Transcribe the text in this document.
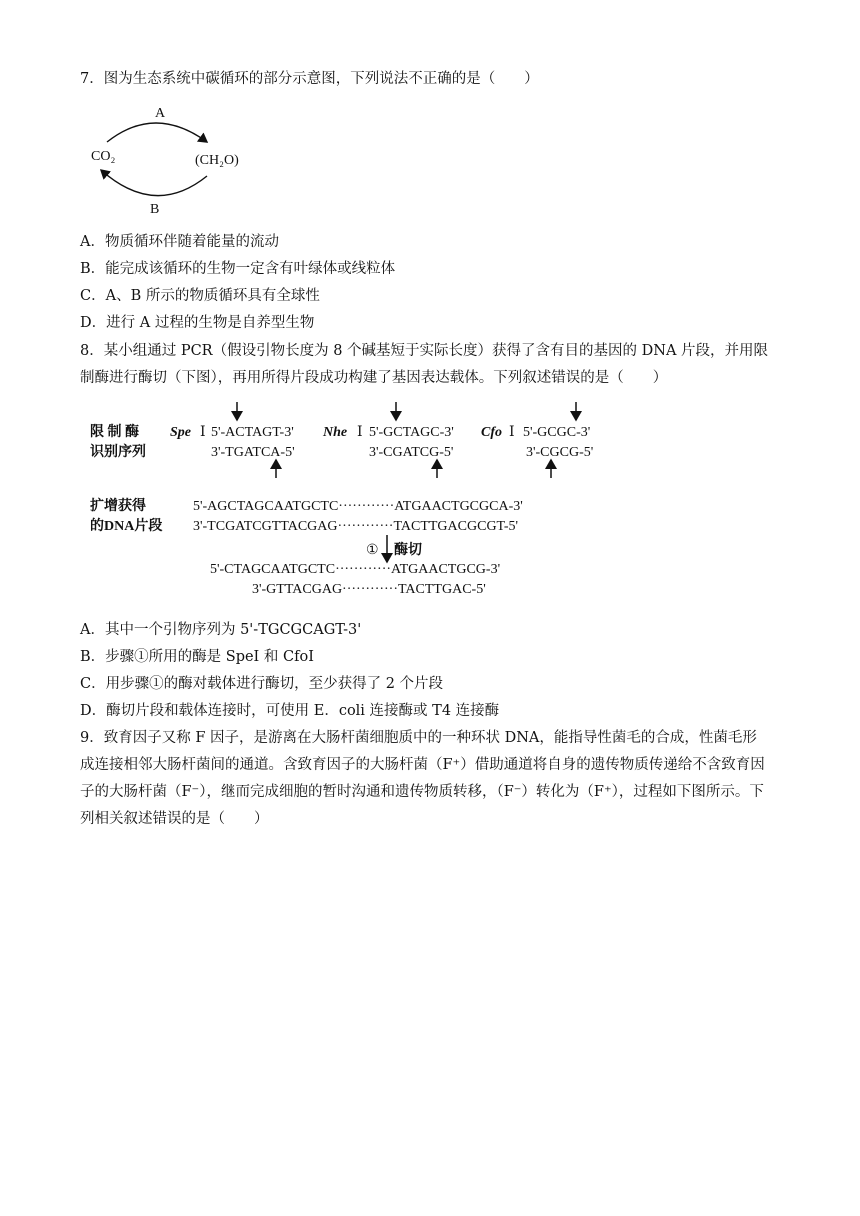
7．图为生态系统中碳循环的部分示意图，下列说法不正确的是（　　）
A
CO₂	(CH₂O)
B
A．物质循环伴随着能量的流动
B．能完成该循环的生物一定含有叶绿体或线粒体
C．A、B 所示的物质循环具有全球性
D．进行 A 过程的生物是自养型生物
8．某小组通过 PCR（假设引物长度为 8 个碱基短于实际长度）获得了含有目的基因的 DNA 片段，并用限
制酶进行酶切（下图），再用所得片段成功构建了基因表达载体。下列叙述错误的是（　　）
限 制 酶
识别序列
Spe Ⅰ 5'-ACTAGT-3'
3'-TGATCA-5'
Nhe Ⅰ 5'-GCTAGC-3'
3'-CGATCG-5'
Cfo Ⅰ 5'-GCGC-3'
3'-CGCG-5'
扩增获得
的DNA片段
5'-AGCTAGCAATGCTC············ATGAACTGCGCA-3'
3'-TCGATCGTTACGAG············TACTTGACGCGT-5'
① 酶切
5'-CTAGCAATGCTC············ATGAACTGCG-3'
3'-GTTACGAG············TACTTGAC-5'
A．其中一个引物序列为 5'-TGCGCAGT-3'
B．步骤①所用的酶是 SpeI 和 CfoI
C．用步骤①的酶对载体进行酶切，至少获得了 2 个片段
D．酶切片段和载体连接时，可使用 E．coli 连接酶或 T4 连接酶
9．致育因子又称 F 因子，是游离在大肠杆菌细胞质中的一种环状 DNA，能指导性菌毛的合成，性菌毛形
成连接相邻大肠杆菌间的通道。含致育因子的大肠杆菌（F⁺）借助通道将自身的遗传物质传递给不含致育因
子的大肠杆菌（F⁻），继而完成细胞的暂时沟通和遗传物质转移，（F⁻）转化为（F⁺），过程如下图所示。下
列相关叙述错误的是（　　）
